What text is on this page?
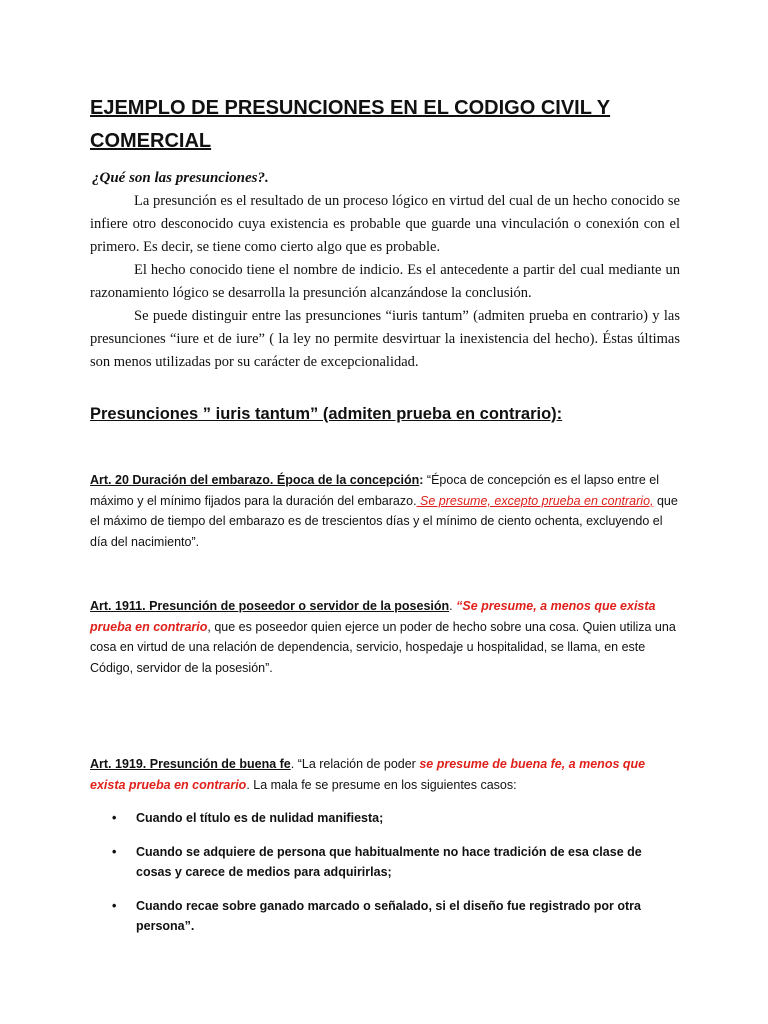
EJEMPLO DE PRESUNCIONES EN EL CODIGO CIVIL Y COMERCIAL
¿Qué son las presunciones?.

La presunción es el resultado de un proceso lógico en virtud del cual de un hecho conocido se infiere otro desconocido cuya existencia es probable que guarde una vinculación o conexión con el primero. Es decir, se tiene como cierto algo que es probable.

El hecho conocido tiene el nombre de indicio. Es el antecedente a partir del cual mediante un razonamiento lógico se desarrolla la presunción alcanzándose la conclusión.

Se puede distinguir entre las presunciones “iuris tantum” (admiten prueba en contrario) y las presunciones “iure et de iure” ( la ley no permite desvirtuar la inexistencia del hecho). Éstas últimas son menos utilizadas por su carácter de excepcionalidad.

Presunciones ” iuris tantum” (admiten prueba en contrario):

Art. 20 Duración del embarazo. Época de la concepción: “Época de concepción es el lapso entre el máximo y el mínimo fijados para la duración del embarazo. Se presume, excepto prueba en contrario, que el máximo de tiempo del embarazo es de trescientos días y el mínimo de ciento ochenta, excluyendo el día del nacimiento”.

Art. 1911. Presunción de poseedor o servidor de la posesión. “Se presume, a menos que exista prueba en contrario, que es poseedor quien ejerce un poder de hecho sobre una cosa. Quien utiliza una cosa en virtud de una relación de dependencia, servicio, hospedaje u hospitalidad, se llama, en este Código, servidor de la posesión”.

Art. 1919. Presunción de buena fe. “La relación de poder se presume de buena fe, a menos que exista prueba en contrario. La mala fe se presume en los siguientes casos:

• Cuando el título es de nulidad manifiesta;
• Cuando se adquiere de persona que habitualmente no hace tradición de esa clase de cosas y carece de medios para adquirirlas;
• Cuando recae sobre ganado marcado o señalado, si el diseño fue registrado por otra persona”.
